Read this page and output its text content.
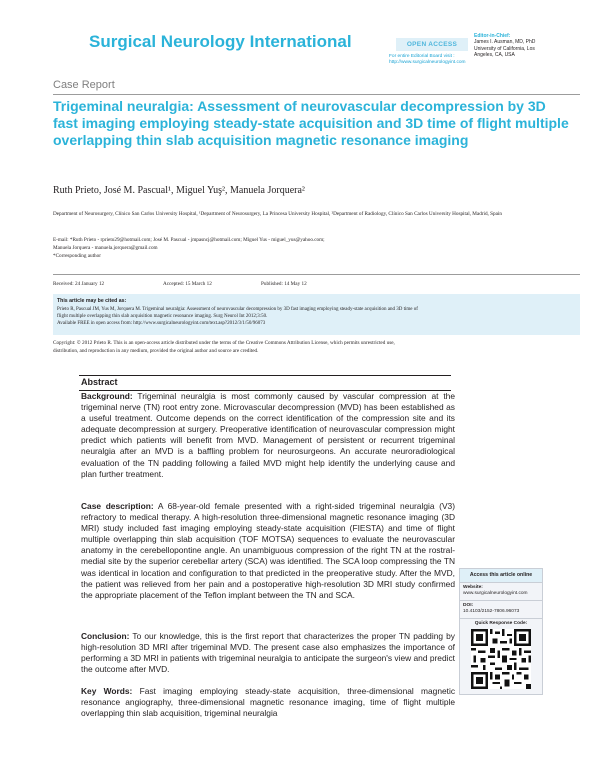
Surgical Neurology International	OPEN ACCESS
For entire Editorial Board visit :
http://www.surgicalneurologyint.com
Editor-in-Chief:
James I. Ausman, MD, PhD
University of California, Los
Angeles, CA, USA
Case Report
Trigeminal neuralgia: Assessment of neurovascular decompression by 3D fast imaging employing steady-state acquisition and 3D time of flight multiple overlapping thin slab acquisition magnetic resonance imaging
Ruth Prieto, José M. Pascual¹, Miguel Yuş², Manuela Jorquera²
Department of Neurosurgery, Clínico San Carlos University Hospital, ¹Department of Neurosurgery, La Princesa University Hospital, ²Department of Radiology, Clínico San Carlos University Hospital, Madrid, Spain
E-mail: *Ruth Prieto - rprieto29@hotmail.com; José M. Pascual - jmpasncj@hotmail.com; Miguel Yus - miguel_yus@yahoo.com;
Manuela Jorquera - manuela.jorquera@gmail.com
*Corresponding author
Received: 24 January 12	Accepted: 15 March 12	Published: 14 May 12
This article may be cited as:
Prieto R, Pascual JM, Yus M, Jorquera M. Trigeminal neuralgia: Assessment of neurovascular decompression by 3D fast imaging employing steady-state acquisition and 3D time of
flight multiple overlapping thin slab acquisition magnetic resonance imaging. Surg Neurol Int 2012;3:50.
Available FREE in open access from: http://www.surgicalneurologyint.com/text.asp?2012/3/1/50/96073
Copyright: © 2012 Prieto R. This is an open-access article distributed under the terms of the Creative Commons Attribution License, which permits unrestricted use,
distribution, and reproduction in any medium, provided the original author and source are credited.
Abstract

Background: Trigeminal neuralgia is most commonly caused by vascular compression at the trigeminal nerve (TN) root entry zone. Microvascular decompression (MVD) has been established as a useful treatment. Outcome depends on the correct identification of the compression site and its adequate decompression at surgery. Preoperative identification of neurovascular compression might predict which patients will benefit from MVD. Management of persistent or recurrent trigeminal neuralgia after an MVD is a baffling problem for neurosurgeons. An accurate neuroradiological evaluation of the TN padding following a failed MVD might help identify the underlying cause and plan further treatment.

Case description: A 68-year-old female presented with a right-sided trigeminal neuralgia (V3) refractory to medical therapy. A high-resolution three-dimensional magnetic resonance imaging (3D MRI) study included fast imaging employing steady-state acquisition (FIESTA) and time of flight multiple overlapping thin slab acquisition (TOF MOTSA) sequences to evaluate the neurovascular anatomy in the cerebellopontine angle. An unambiguous compression of the right TN at the rostral-medial site by the superior cerebellar artery (SCA) was identified. The SCA loop compressing the TN was identical in location and configuration to that predicted in the preoperative study. After the MVD, the patient was relieved from her pain and a postoperative high-resolution 3D MRI study confirmed the appropriate placement of the Teflon implant between the TN and SCA.

Conclusion: To our knowledge, this is the first report that characterizes the proper TN padding by high-resolution 3D MRI after trigeminal MVD. The present case also emphasizes the importance of performing a 3D MRI in patients with trigeminal neuralgia to anticipate the surgeon's view and predict the outcome after MVD.

Key Words: Fast imaging employing steady-state acquisition, three-dimensional magnetic resonance angiography, three-dimensional magnetic resonance imaging, time of flight multiple overlapping thin slab acquisition, trigeminal neuralgia

Access this article online
Website:
www.surgicalneurologyint.com
DOI:
10.4103/2152-7806.96073
Quick Response Code:
